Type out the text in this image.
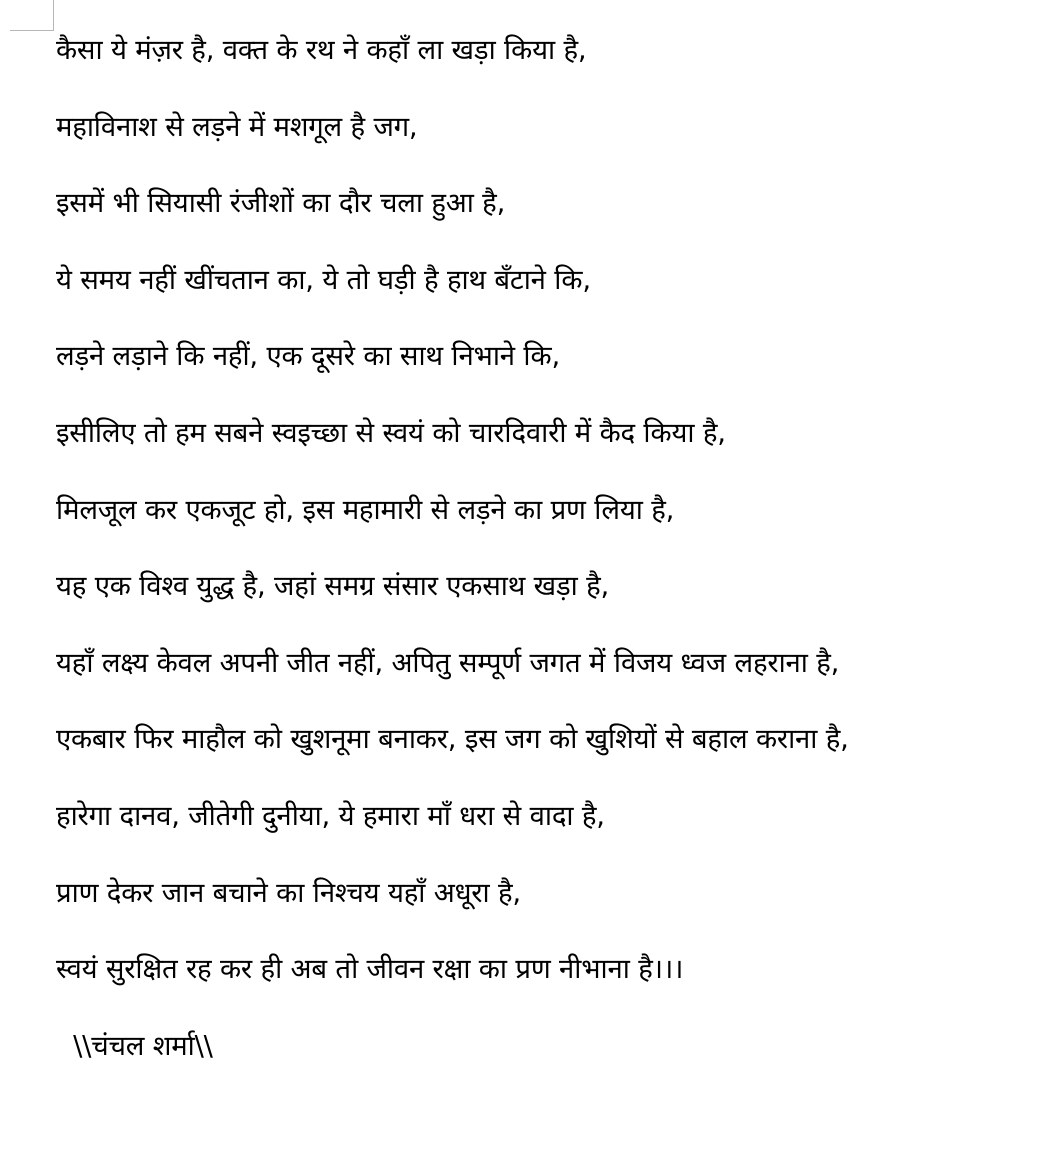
कैसा ये मंज़र है, वक्त के रथ ने कहाँ ला खड़ा किया है,
महाविनाश से लड़ने में मशगूल है जग,
इसमें भी सियासी रंजीशों का दौर चला हुआ है,
ये समय नहीं खींचतान का, ये तो घड़ी है हाथ बँटाने कि,
लड़ने लड़ाने कि नहीं, एक दूसरे का साथ निभाने कि,
इसीलिए तो हम सबने स्वइच्छा से स्वयं को चारदिवारी में कैद किया है,
मिलजूल कर एकजूट हो, इस महामारी से लड़ने का प्रण लिया है,
यह एक विश्व युद्ध है, जहां समग्र संसार एकसाथ खड़ा है,
यहाँ लक्ष्य केवल अपनी जीत नहीं, अपितु सम्पूर्ण जगत में विजय ध्वज लहराना है,
एकबार फिर माहौल को खुशनूमा बनाकर, इस जग को खुशियों से बहाल कराना है,
हारेगा दानव, जीतेगी दुनीया, ये हमारा माँ धरा से वादा है,
प्राण देकर जान बचाने का निश्चय यहाँ अधूरा है,
स्वयं सुरक्षित रह कर ही अब तो जीवन रक्षा का प्रण नीभाना है।।।
\\चंचल शर्मा\\
